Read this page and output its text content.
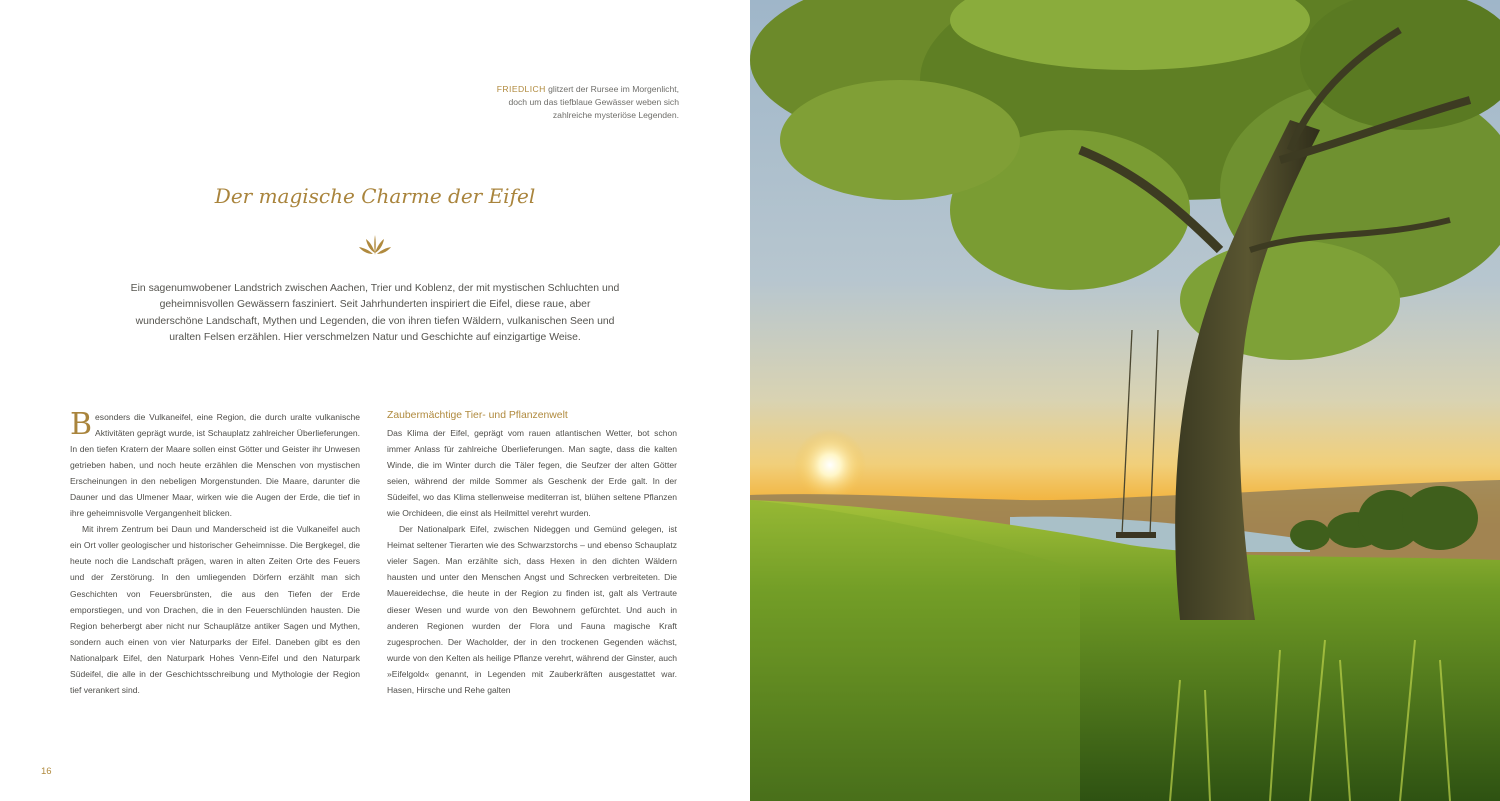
FRIEDLICH glitzert der Rursee im Morgenlicht,
doch um das tiefblaue Gewässer weben sich
zahlreiche mysteriöse Legenden.
Der magische Charme der Eifel

Ein sagenumwobener Landstrich zwischen Aachen, Trier und Koblenz, der mit mystischen Schluchten und geheimnisvollen Gewässern fasziniert. Seit Jahrhunderten inspiriert die Eifel, diese raue, aber wunderschöne Landschaft, Mythen und Legenden, die von ihren tiefen Wäldern, vulkanischen Seen und uralten Felsen erzählen. Hier verschmelzen Natur und Geschichte auf einzigartige Weise.

Besonders die Vulkaneifel, eine Region, die durch uralte vulkanische Aktivitäten geprägt wurde, ist Schauplatz zahlreicher Überlieferungen. In den tiefen Kratern der Maare sollen einst Götter und Geister ihr Unwesen getrieben haben, und noch heute erzählen die Menschen von mystischen Erscheinungen in den nebeligen Morgenstunden. Die Maare, darunter die Dauner und das Ulmener Maar, wirken wie die Augen der Erde, die tief in ihre geheimnisvolle Vergangenheit blicken.

Mit ihrem Zentrum bei Daun und Manderscheid ist die Vulkaneifel auch ein Ort voller geologischer und historischer Geheimnisse. Die Bergkegel, die heute noch die Landschaft prägen, waren in alten Zeiten Orte des Feuers und der Zerstörung. In den umliegenden Dörfern erzählt man sich Geschichten von Feuersbrünsten, die aus den Tiefen der Erde emporstiegen, und von Drachen, die in den Feuerschlünden hausten. Die Region beherbergt aber nicht nur Schauplätze antiker Sagen und Mythen, sondern auch einen von vier Naturparks der Eifel. Daneben gibt es den Nationalpark Eifel, den Naturpark Hohes Venn-Eifel und den Naturpark Südeifel, die alle in der Geschichtsschreibung und Mythologie der Region tief verankert sind.

Zaubermächtige Tier- und Pflanzenwelt

Das Klima der Eifel, geprägt vom rauen atlantischen Wetter, bot schon immer Anlass für zahlreiche Überlieferungen. Man sagte, dass die kalten Winde, die im Winter durch die Täler fegen, die Seufzer der alten Götter seien, während der milde Sommer als Geschenk der Erde galt. In der Südeifel, wo das Klima stellenweise mediterran ist, blühen seltene Pflanzen wie Orchideen, die einst als Heilmittel verehrt wurden.

Der Nationalpark Eifel, zwischen Nideggen und Gemünd gelegen, ist Heimat seltener Tierarten wie des Schwarzstorchs – und ebenso Schauplatz vieler Sagen. Man erzählte sich, dass Hexen in den dichten Wäldern hausten und unter den Menschen Angst und Schrecken verbreiteten. Die Mauereidechse, die heute in der Region zu finden ist, galt als Vertraute dieser Wesen und wurde von den Bewohnern gefürchtet. Und auch in anderen Regionen wurden der Flora und Fauna magische Kraft zugesprochen. Der Wacholder, der in den trockenen Gegenden wächst, wurde von den Kelten als heilige Pflanze verehrt, während der Ginster, auch »Eifelgold« genannt, in Legenden mit Zauberkräften ausgestattet war. Hasen, Hirsche und Rehe galten

16
